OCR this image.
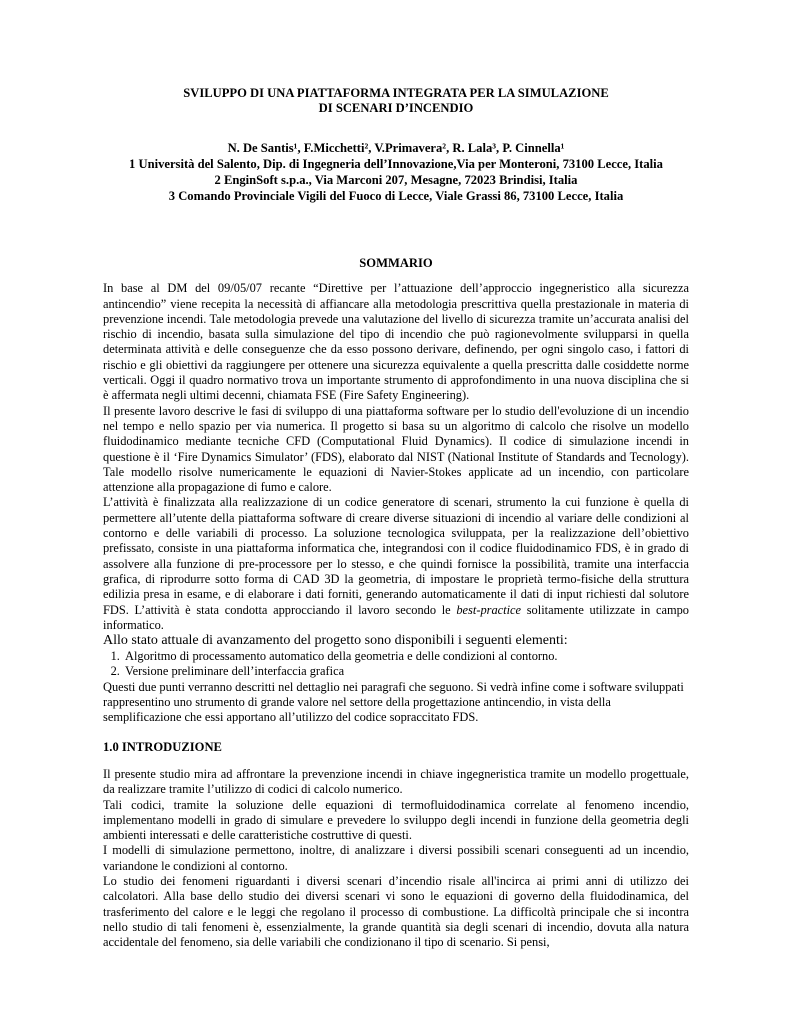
SVILUPPO DI UNA PIATTAFORMA INTEGRATA PER LA SIMULAZIONE

DI SCENARI D’INCENDIO

N. De Santis¹, F.Micchetti², V.Primavera², R. Lala³, P. Cinnella¹
1 Università del Salento, Dip. di Ingegneria dell’Innovazione,Via per Monteroni, 73100 Lecce, Italia
2 EnginSoft s.p.a., Via Marconi 207, Mesagne, 72023 Brindisi, Italia
3 Comando Provinciale Vigili del Fuoco di Lecce, Viale Grassi 86, 73100 Lecce, Italia
SOMMARIO

In base al DM del 09/05/07 recante “Direttive per l’attuazione dell’approccio ingegneristico alla sicurezza antincendio” viene recepita la necessità di affiancare alla metodologia prescrittiva quella prestazionale in materia di prevenzione incendi. Tale metodologia prevede una valutazione del livello di sicurezza tramite un’accurata analisi del rischio di incendio, basata sulla simulazione del tipo di incendio che può ragionevolmente svilupparsi in quella determinata attività e delle conseguenze che da esso possono derivare, definendo, per ogni singolo caso, i fattori di rischio e gli obiettivi da raggiungere per ottenere una sicurezza equivalente a quella prescritta dalle cosiddette norme verticali. Oggi il quadro normativo trova un importante strumento di approfondimento in una nuova disciplina che si è affermata negli ultimi decenni, chiamata FSE (Fire Safety Engineering).

Il presente lavoro descrive le fasi di sviluppo di una piattaforma software per lo studio dell'evoluzione di un incendio nel tempo e nello spazio per via numerica. Il progetto si basa su un algoritmo di calcolo che risolve un modello fluidodinamico mediante tecniche CFD (Computational Fluid Dynamics). Il codice di simulazione incendi in questione è il ‘Fire Dynamics Simulator’ (FDS), elaborato dal NIST (National Institute of Standards and Tecnology). Tale modello risolve numericamente le equazioni di Navier-Stokes applicate ad un incendio, con particolare attenzione alla propagazione di fumo e calore.

L’attività è finalizzata alla realizzazione di un codice generatore di scenari, strumento la cui funzione è quella di permettere all’utente della piattaforma software di creare diverse situazioni di incendio al variare delle condizioni al contorno e delle variabili di processo. La soluzione tecnologica sviluppata, per la realizzazione dell’obiettivo prefissato, consiste in una piattaforma informatica che, integrandosi con il codice fluidodinamico FDS, è in grado di assolvere alla funzione di pre-processore per lo stesso, e che quindi fornisce la possibilità, tramite una interfaccia grafica, di riprodurre sotto forma di CAD 3D la geometria, di impostare le proprietà termo-fisiche della struttura edilizia presa in esame, e di elaborare i dati forniti, generando automaticamente il dati di input richiesti dal solutore FDS. L’attività è stata condotta approcciando il lavoro secondo le best-practice solitamente utilizzate in campo informatico.

Allo stato attuale di avanzamento del progetto sono disponibili i seguenti elementi:

1. Algoritmo di processamento automatico della geometria e delle condizioni al contorno.
2. Versione preliminare dell’interfaccia grafica

Questi due punti verranno descritti nel dettaglio nei paragrafi che seguono. Si vedrà infine come i software sviluppati rappresentino uno strumento di grande valore nel settore della progettazione antincendio, in vista della semplificazione che essi apportano all’utilizzo del codice sopraccitato FDS.

1.0 INTRODUZIONE

Il presente studio mira ad affrontare la prevenzione incendi in chiave ingegneristica tramite un modello progettuale, da realizzare tramite l’utilizzo di codici di calcolo numerico.

Tali codici, tramite la soluzione delle equazioni di termofluidodinamica correlate al fenomeno incendio, implementano modelli in grado di simulare e prevedere lo sviluppo degli incendi in funzione della geometria degli ambienti interessati e delle caratteristiche costruttive di questi.

I modelli di simulazione permettono, inoltre, di analizzare i diversi possibili scenari conseguenti ad un incendio, variandone le condizioni al contorno.

Lo studio dei fenomeni riguardanti i diversi scenari d’incendio risale all'incirca ai primi anni di utilizzo dei calcolatori. Alla base dello studio dei diversi scenari vi sono le equazioni di governo della fluidodinamica, del trasferimento del calore e le leggi che regolano il processo di combustione. La difficoltà principale che si incontra nello studio di tali fenomeni è, essenzialmente, la grande quantità sia degli scenari di incendio, dovuta alla natura accidentale del fenomeno, sia delle variabili che condizionano il tipo di scenario. Si pensi,
